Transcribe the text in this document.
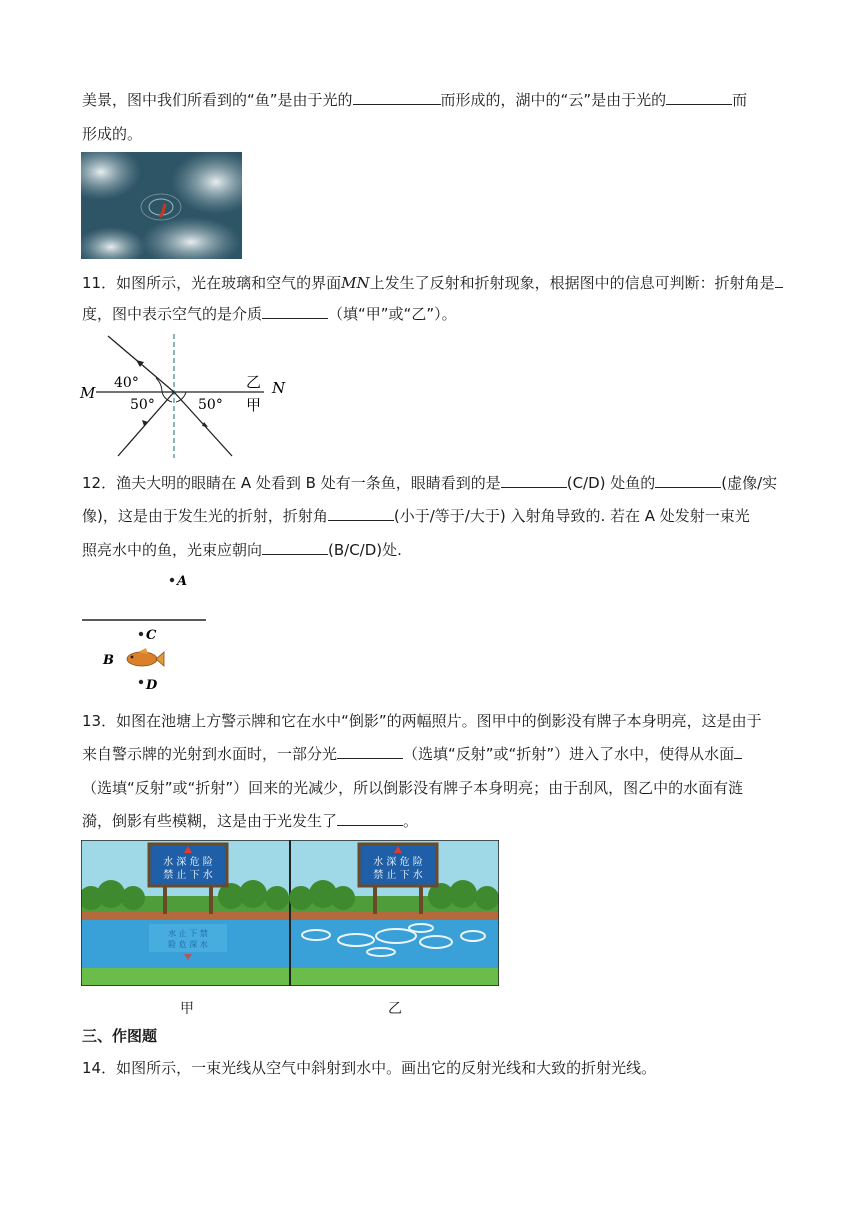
美景，图中我们所看到的“鱼”是由于光的	而形成的，湖中的“云”是由于光的	而
形成的。
11．如图所示，光在玻璃和空气的界面MN上发生了反射和折射现象，根据图中的信息可判断：折射角是
度，图中表示空气的是介质	（填“甲”或“乙”）。
M	N
40°
50°	50°
乙
甲
12．渔夫大明的眼睛在 A 处看到 B 处有一条鱼，眼睛看到的是	(C/D) 处鱼的	(虚像/实
像)，这是由于发生光的折射，折射角	(小于/等于/大于) 入射角导致的. 若在 A 处发射一束光
照亮水中的鱼，光束应朝向	(B/C/D)处.
A
C
B
D
13．如图在池塘上方警示牌和它在水中“倒影”的两幅照片。图甲中的倒影没有牌子本身明亮，这是由于
来自警示牌的光射到水面时，一部分光	（选填“反射”或“折射”）进入了水中，使得从水面
（选填“反射”或“折射”）回来的光减少，所以倒影没有牌子本身明亮；由于刮风，图乙中的水面有涟
漪，倒影有些模糊，这是由于光发生了	。
水 深 危 险
禁 止 下 水
水 止 下 禁
险 危 深 水
水 深 危 险
禁 止 下 水
甲	乙
三、作图题
14．如图所示，一束光线从空气中斜射到水中。画出它的反射光线和大致的折射光线。
